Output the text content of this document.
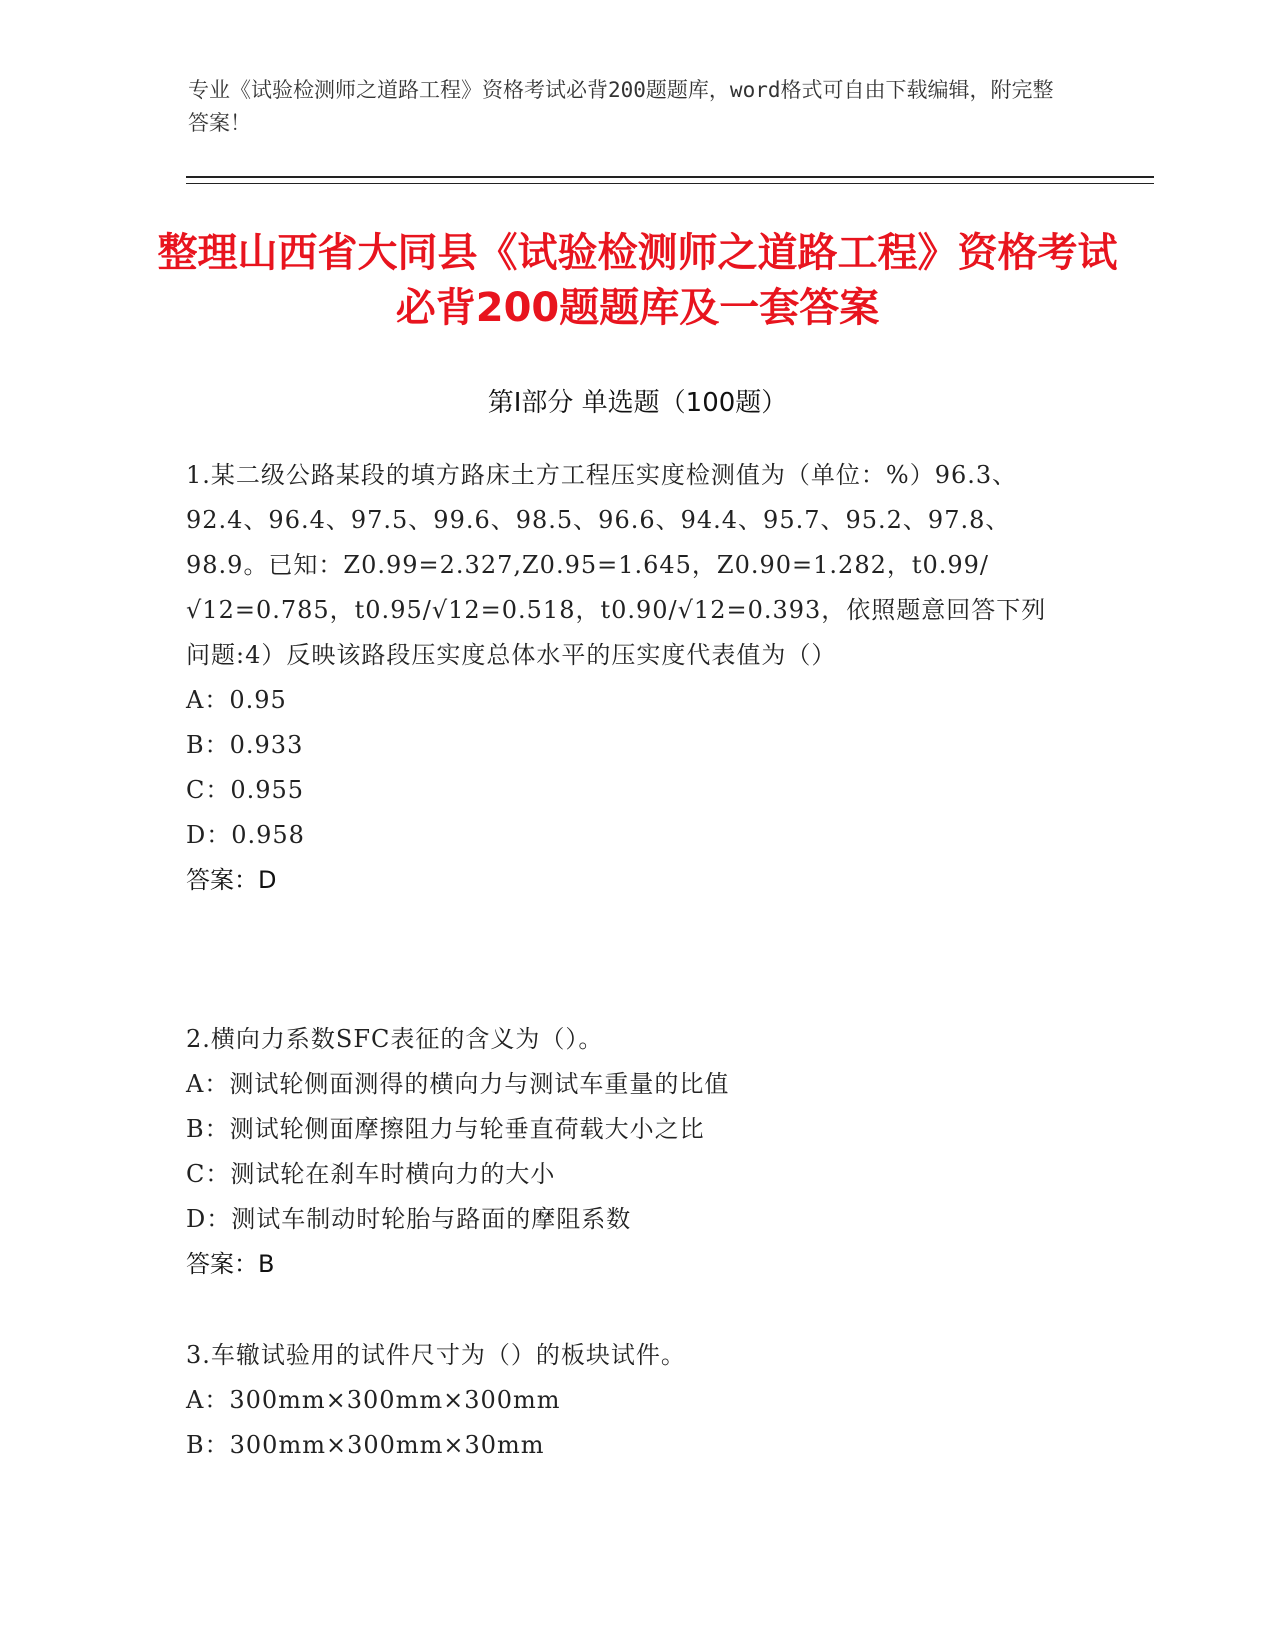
专业《试验检测师之道路工程》资格考试必背200题题库，word格式可自由下载编辑，附完整答案！
整理山西省大同县《试验检测师之道路工程》资格考试必背200题题库及一套答案
第Ⅰ部分 单选题（100题）
1.某二级公路某段的填方路床土方工程压实度检测值为（单位：%）96.3、92.4、96.4、97.5、99.6、98.5、96.6、94.4、95.7、95.2、97.8、98.9。已知：Z0.99=2.327,Z0.95=1.645，Z0.90=1.282，t0.99/√12=0.785，t0.95/√12=0.518，t0.90/√12=0.393，依照题意回答下列问题:4）反映该路段压实度总体水平的压实度代表值为（）
A：0.95
B：0.933
C：0.955
D：0.958
答案：D
2.横向力系数SFC表征的含义为（）。
A：测试轮侧面测得的横向力与测试车重量的比值
B：测试轮侧面摩擦阻力与轮垂直荷载大小之比
C：测试轮在刹车时横向力的大小
D：测试车制动时轮胎与路面的摩阻系数
答案：B
3.车辙试验用的试件尺寸为（）的板块试件。
A：300mm×300mm×300mm
B：300mm×300mm×30mm
